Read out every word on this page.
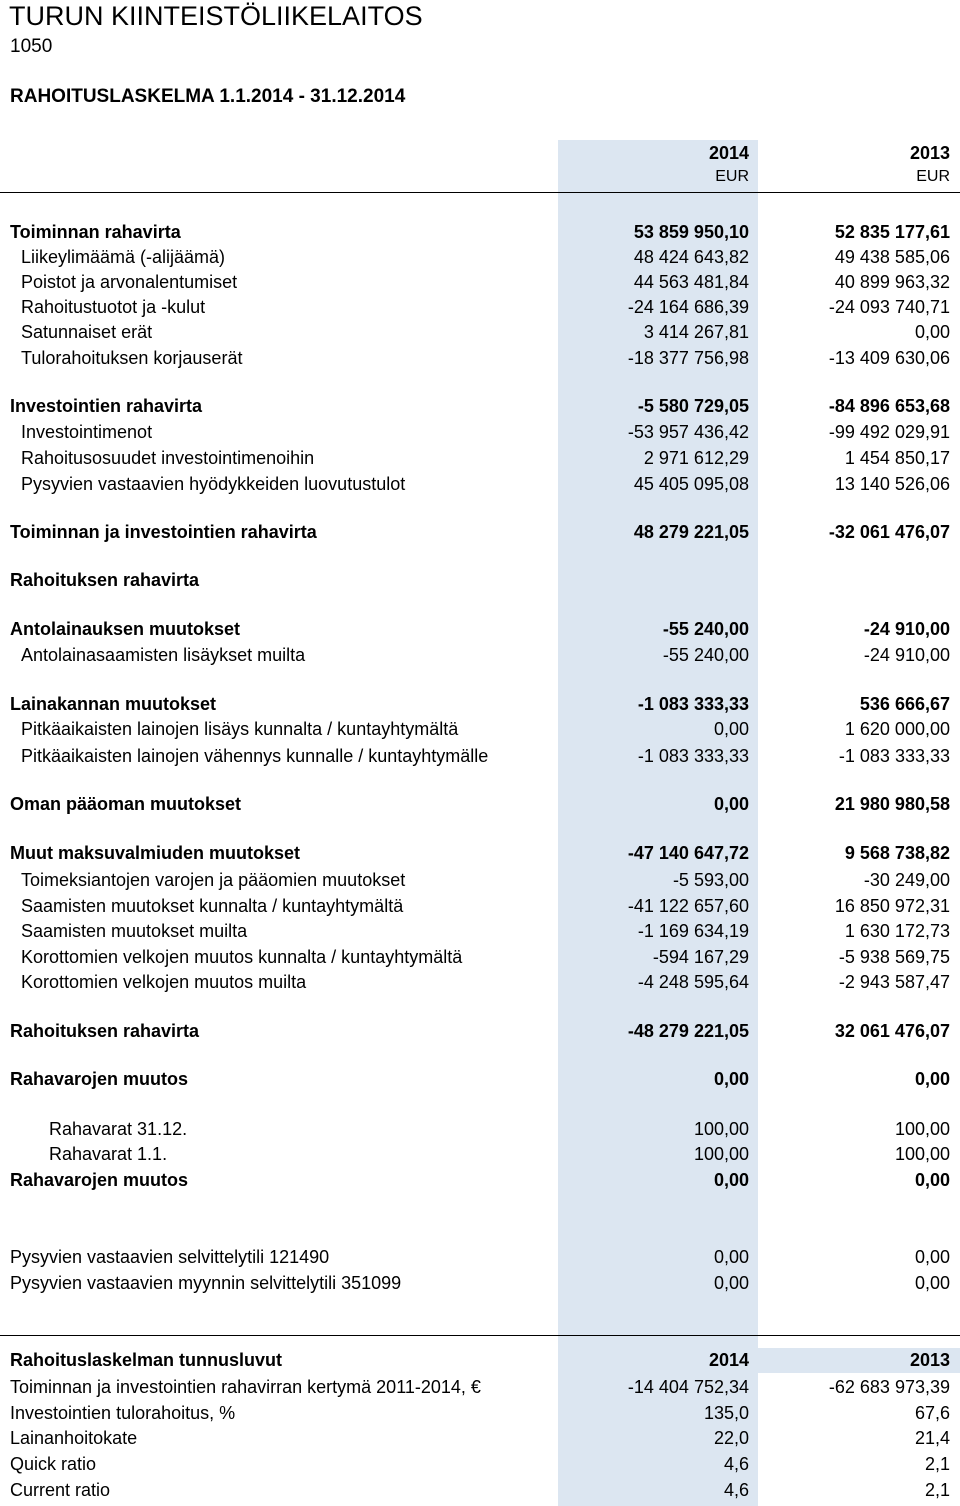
TURUN KIINTEISTÖLIIKELAITOS
1050
RAHOITUSLASKELMA 1.1.2014 - 31.12.2014
2014	2013
EUR	EUR
Toiminnan rahavirta	53 859 950,10	52 835 177,61
Liikeylimäämä (-alijäämä)	48 424 643,82	49 438 585,06
Poistot ja arvonalentumiset	44 563 481,84	40 899 963,32
Rahoitustuotot ja -kulut	-24 164 686,39	-24 093 740,71
Satunnaiset erät	3 414 267,81	0,00
Tulorahoituksen korjauserät	-18 377 756,98	-13 409 630,06
Investointien rahavirta	-5 580 729,05	-84 896 653,68
Investointimenot	-53 957 436,42	-99 492 029,91
Rahoitusosuudet investointimenoihin	2 971 612,29	1 454 850,17
Pysyvien vastaavien hyödykkeiden luovutustulot	45 405 095,08	13 140 526,06
Toiminnan ja investointien rahavirta	48 279 221,05	-32 061 476,07
Rahoituksen rahavirta
Antolainauksen muutokset	-55 240,00	-24 910,00
Antolainasaamisten lisäykset muilta	-55 240,00	-24 910,00
Lainakannan muutokset	-1 083 333,33	536 666,67
Pitkäaikaisten lainojen lisäys kunnalta / kuntayhtymältä	0,00	1 620 000,00
Pitkäaikaisten lainojen vähennys kunnalle / kuntayhtymälle	-1 083 333,33	-1 083 333,33
Oman pääoman muutokset	0,00	21 980 980,58
Muut maksuvalmiuden muutokset	-47 140 647,72	9 568 738,82
Toimeksiantojen varojen ja pääomien muutokset	-5 593,00	-30 249,00
Saamisten muutokset kunnalta / kuntayhtymältä	-41 122 657,60	16 850 972,31
Saamisten muutokset muilta	-1 169 634,19	1 630 172,73
Korottomien velkojen muutos kunnalta / kuntayhtymältä	-594 167,29	-5 938 569,75
Korottomien velkojen muutos muilta	-4 248 595,64	-2 943 587,47
Rahoituksen rahavirta	-48 279 221,05	32 061 476,07
Rahavarojen muutos	0,00	0,00
Rahavarat 31.12.	100,00	100,00
Rahavarat 1.1.	100,00	100,00
Rahavarojen muutos	0,00	0,00
Pysyvien vastaavien selvittelytili 121490	0,00	0,00
Pysyvien vastaavien myynnin selvittelytili 351099	0,00	0,00
Rahoituslaskelman tunnusluvut	2014	2013
Toiminnan ja investointien rahavirran kertymä 2011-2014, €	-14 404 752,34	-62 683 973,39
Investointien tulorahoitus, %	135,0	67,6
Lainanhoitokate	22,0	21,4
Quick ratio	4,6	2,1
Current ratio	4,6	2,1
